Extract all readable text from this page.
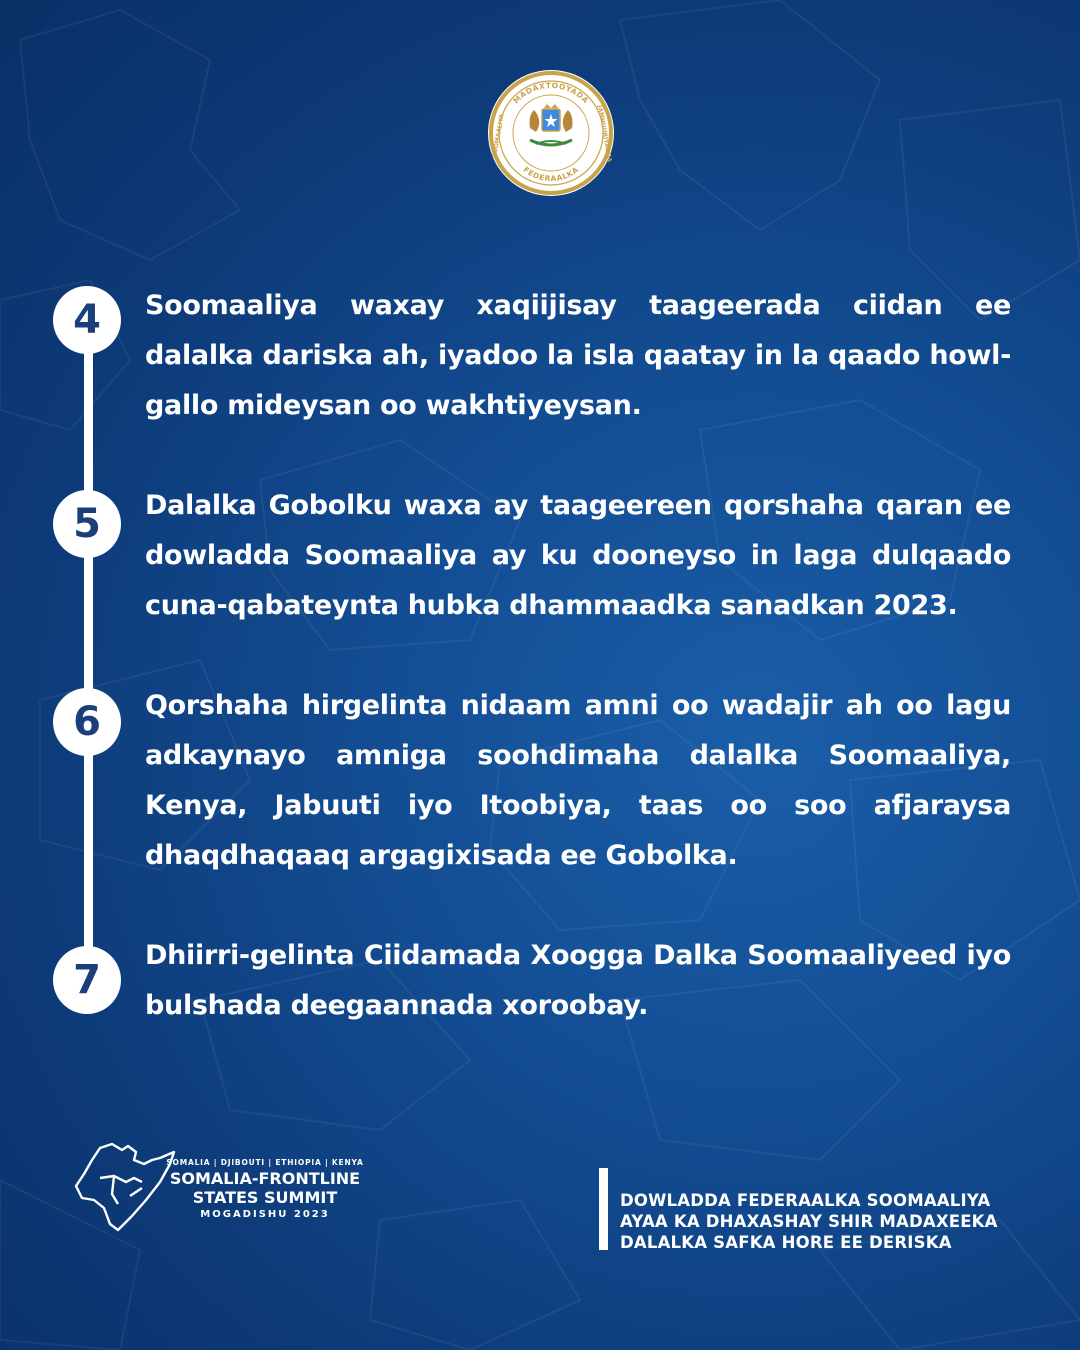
MADAXTOOYADA
FEDERAALKA
SOOMAALIYA	JAMHUURIYADDA
4	Soomaaliya waxay xaqiijisay taageerada ciidan ee dalalka dariska ah, iyadoo la isla qaatay in la qaado howl-gallo mideysan oo wakhtiyeysan.
5	Dalalka Gobolku waxa ay taageereen qorshaha qaran ee dowladda Soomaaliya ay ku dooneyso in laga dulqaado cuna-qabateynta hubka dhammaadka sanadkan 2023.
6	Qorshaha hirgelinta nidaam amni oo wadajir ah oo lagu adkaynayo amniga soohdimaha dalalka Soomaaliya, Kenya, Jabuuti iyo Itoobiya, taas oo soo afjaraysa dhaqdhaqaaq argagixisada ee Gobolka.
7
Dhiirri-gelinta Ciidamada Xoogga Dalka Soomaaliyeed iyo bulshada deegaannada xoroobay.
SOMALIA | DJIBOUTI | ETHIOPIA | KENYA
SOMALIA-FRONTLINE
STATES SUMMIT
MOGADISHU 2023
DOWLADDA FEDERAALKA SOOMAALIYA
AYAA KA DHAXASHAY SHIR MADAXEEKA
DALALKA SAFKA HORE EE DERISKA
